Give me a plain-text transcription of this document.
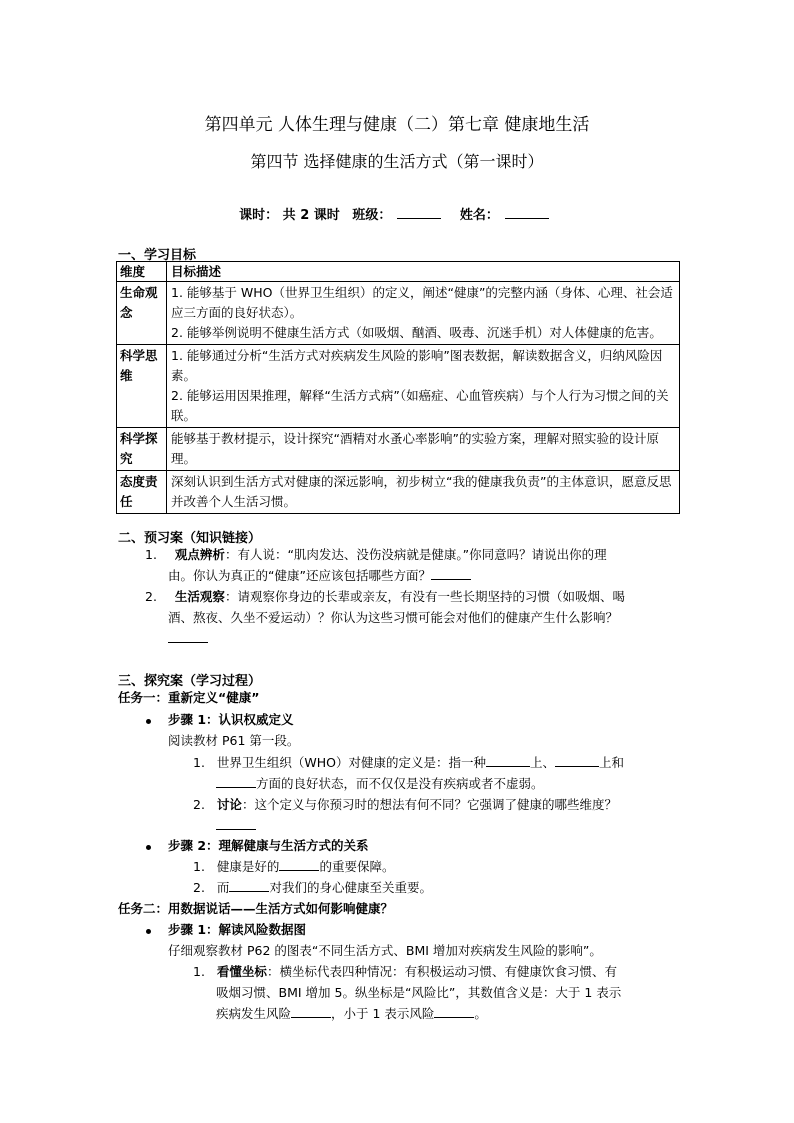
第四单元 人体生理与健康（二）第七章 健康地生活
第四节 选择健康的生活方式（第一课时）
课时： 共 2 课时 班级：	姓名：
一、学习目标
维度	目标描述
生命观念	1. 能够基于 WHO（世界卫生组织）的定义，阐述“健康”的完整内涵（身体、心理、社会适应三方面的良好状态）。
2. 能够举例说明不健康生活方式（如吸烟、酗酒、吸毒、沉迷手机）对人体健康的危害。

科学思维	1. 能够通过分析“生活方式对疾病发生风险的影响”图表数据，解读数据含义，归纳风险因素。
2. 能够运用因果推理，解释“生活方式病”（如癌症、心血管疾病）与个人行为习惯之间的关联。

科学探究	能够基于教材提示，设计探究“酒精对水蚤心率影响”的实验方案，理解对照实验的设计原理。

态度责任	深刻认识到生活方式对健康的深远影响，初步树立“我的健康我负责”的主体意识，愿意反思并改善个人生活习惯。
二、预习案（知识链接）
1. 观点辨析：有人说：“肌肉发达、没伤没病就是健康。”你同意吗？请说出你的理
由。你认为真正的“健康”还应该包括哪些方面？
2. 生活观察：请观察你身边的长辈或亲友，有没有一些长期坚持的习惯（如吸烟、喝
酒、熬夜、久坐不爱运动）？你认为这些习惯可能会对他们的健康产生什么影响？
三、探究案（学习过程）
任务一：重新定义“健康”
步骤 1：认识权威定义
阅读教材 P61 第一段。
1. 世界卫生组织（WHO）对健康的定义是：指一种	上、	上和
方面的良好状态，而不仅仅是没有疾病或者不虚弱。
2. 讨论：这个定义与你预习时的想法有何不同？它强调了健康的哪些维度？
步骤 2：理解健康与生活方式的关系
1. 健康是好的	的重要保障。
2. 而	对我们的身心健康至关重要。
任务二：用数据说话——生活方式如何影响健康？
步骤 1：解读风险数据图
仔细观察教材 P62 的图表“不同生活方式、BMI 增加对疾病发生风险的影响”。
1. 看懂坐标：横坐标代表四种情况：有积极运动习惯、有健康饮食习惯、有
吸烟习惯、BMI 增加 5。纵坐标是“风险比”，其数值含义是：大于 1 表示
疾病发生风险	，小于 1 表示风险	。
